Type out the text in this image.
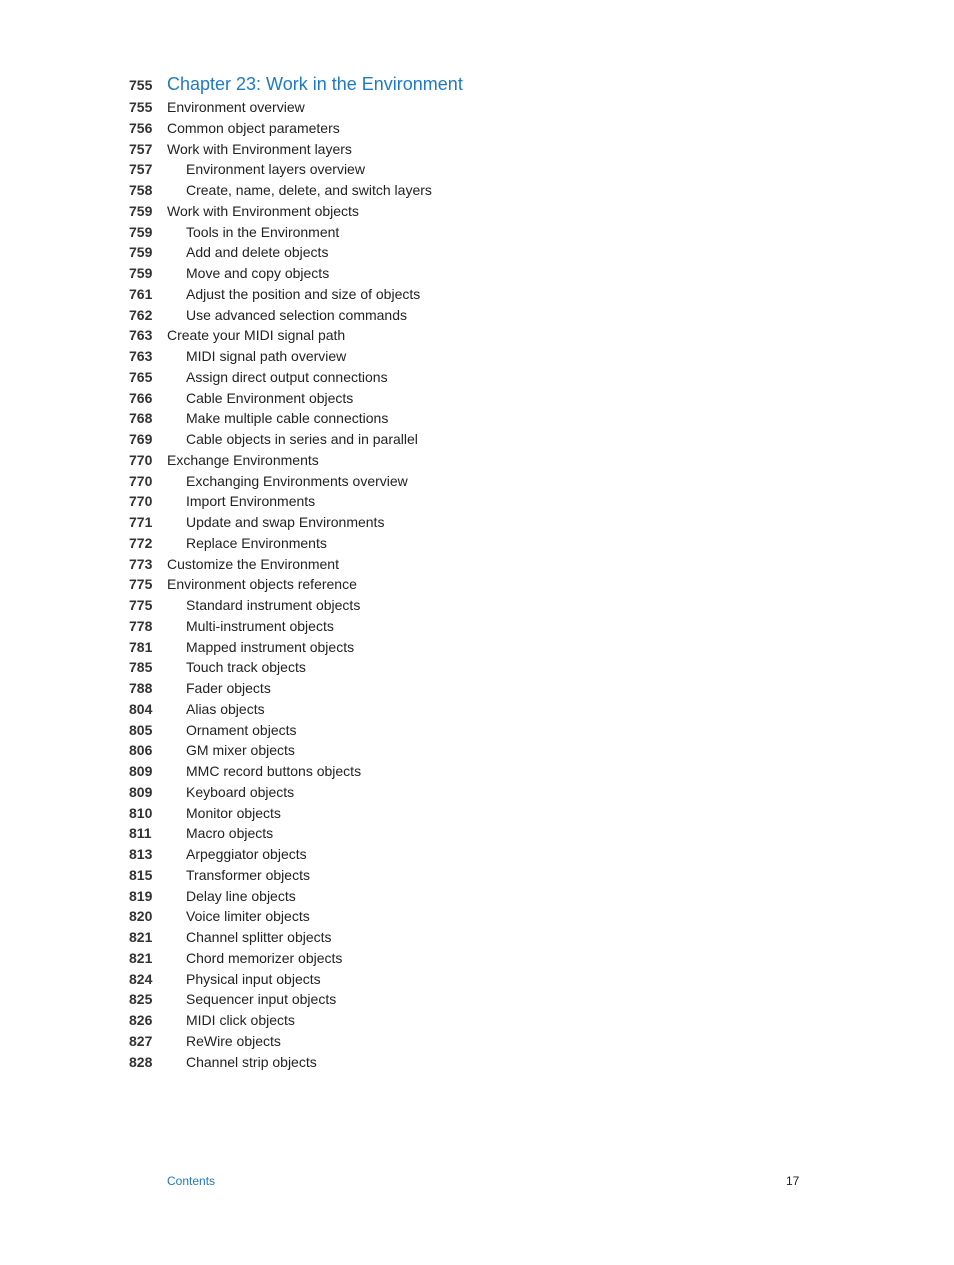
755 Chapter 23: Work in the Environment
755	Environment overview
756	Common object parameters
757	Work with Environment layers
757	Environment layers overview
758	Create, name, delete, and switch layers
759	Work with Environment objects
759	Tools in the Environment
759	Add and delete objects
759	Move and copy objects
761	Adjust the position and size of objects
762	Use advanced selection commands
763	Create your MIDI signal path
763	MIDI signal path overview
765	Assign direct output connections
766	Cable Environment objects
768	Make multiple cable connections
769	Cable objects in series and in parallel
770	Exchange Environments
770	Exchanging Environments overview
770	Import Environments
771	Update and swap Environments
772	Replace Environments
773	Customize the Environment
775	Environment objects reference
775	Standard instrument objects
778	Multi-instrument objects
781	Mapped instrument objects
785	Touch track objects
788	Fader objects
804	Alias objects
805	Ornament objects
806	GM mixer objects
809	MMC record buttons objects
809	Keyboard objects
810	Monitor objects
811	Macro objects
813	Arpeggiator objects
815	Transformer objects
819	Delay line objects
820	Voice limiter objects
821	Channel splitter objects
821	Chord memorizer objects
824	Physical input objects
825	Sequencer input objects
826	MIDI click objects
827	ReWire objects
828	Channel strip objects
Contents	17
